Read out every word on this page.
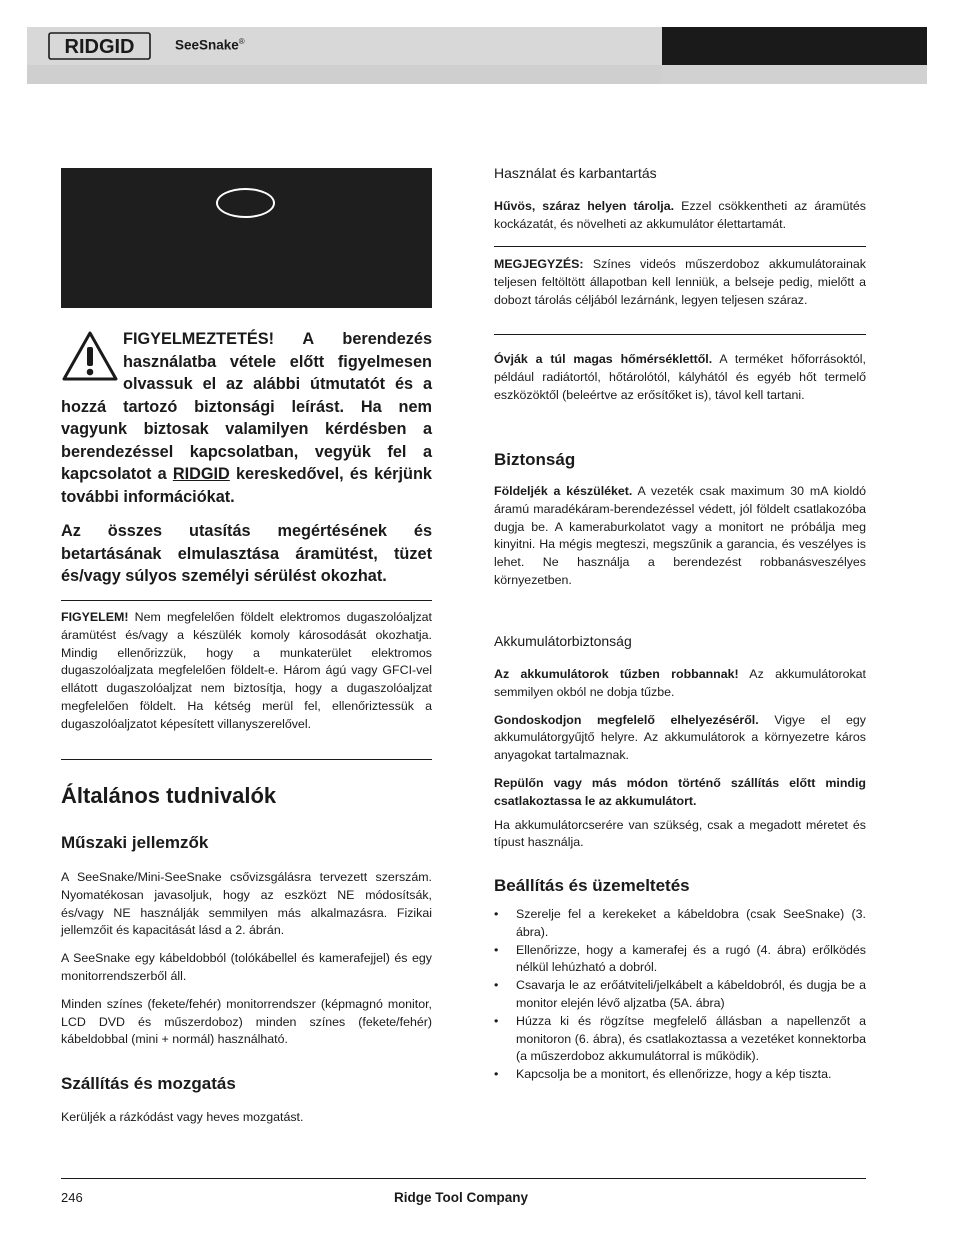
RIDGID	SeeSnake®
FIGYELMEZTETÉS! A berendezés használatba vétele előtt figyelmesen olvassuk el az alábbi útmutatót és a hozzá tartozó biztonsági leírást. Ha nem vagyunk biztosak valamilyen kérdésben a berendezéssel kapcsolatban, vegyük fel a kapcsolatot a RIDGID kereskedővel, és kérjünk további információkat.
Az összes utasítás megértésének és betartásának elmulasztása áramütést, tüzet és/vagy súlyos személyi sérülést okozhat.

FIGYELEM! Nem megfelelően földelt elektromos dugaszolóaljzat áramütést és/vagy a készülék komoly károsodását okozhatja. Mindig ellenőrizzük, hogy a munkaterület elektromos dugaszolóaljzata megfelelően földelt-e. Három ágú vagy GFCI-vel ellátott dugaszolóaljzat nem biztosítja, hogy a dugaszolóaljzat megfelelően földelt. Ha kétség merül fel, ellenőriztessük a dugaszolóaljzatot képesített villanyszerelővel.

Általános tudnivalók
Műszaki jellemzők

A SeeSnake/Mini-SeeSnake csővizsgálásra tervezett szerszám. Nyomatékosan javasoljuk, hogy az eszközt NE módosítsák, és/vagy NE használják semmilyen más alkalmazásra. Fizikai jellemzőit és kapacitását lásd a 2. ábrán.

A SeeSnake egy kábeldobból (tolókábellel és kamerafejjel) és egy monitorrendszerből áll.

Minden színes (fekete/fehér) monitorrendszer (képmagnó monitor, LCD DVD és műszerdoboz) minden színes (fekete/fehér) kábeldobbal (mini + normál) használható.

Szállítás és mozgatás

Kerüljék a rázkódást vagy heves mozgatást.

Használat és karbantartás

Hűvös, száraz helyen tárolja. Ezzel csökkentheti az áramütés kockázatát, és növelheti az akkumulátor élettartamát.

MEGJEGYZÉS: Színes videós műszerdoboz akkumulátorainak teljesen feltöltött állapotban kell lenniük, a belseje pedig, mielőtt a dobozt tárolás céljából lezárnánk, legyen teljesen száraz.

Óvják a túl magas hőmérséklettől. A terméket hőforrásoktól, például radiátortól, hőtárolótól, kályhától és egyéb hőt termelő eszközöktől (beleértve az erősítőket is), távol kell tartani.

Biztonság

Földeljék a készüléket. A vezeték csak maximum 30 mA kioldó áramú maradékáram-berendezéssel védett, jól földelt csatlakozóba dugja be. A kameraburkolatot vagy a monitort ne próbálja meg kinyitni. Ha mégis megteszi, megszűnik a garancia, és veszélyes is lehet. Ne használja a berendezést robbanásveszélyes környezetben.

Akkumulátorbiztonság

Az akkumulátorok tűzben robbannak! Az akkumulátorokat semmilyen okból ne dobja tűzbe.

Gondoskodjon megfelelő elhelyezéséről. Vigye el egy akkumulátorgyűjtő helyre. Az akkumulátorok a környezetre káros anyagokat tartalmaznak.

Repülőn vagy más módon történő szállítás előtt mindig csatlakoztassa le az akkumulátort.

Ha akkumulátorcserére van szükség, csak a megadott méretet és típust használja.

Beállítás és üzemeltetés
• Szerelje fel a kerekeket a kábeldobra (csak SeeSnake) (3. ábra).
• Ellenőrizze, hogy a kamerafej és a rugó (4. ábra) erőlködés nélkül lehúzható a dobról.
• Csavarja le az erőátviteli/jelkábelt a kábeldobról, és dugja be a monitor elején lévő aljzatba (5A. ábra)
• Húzza ki és rögzítse megfelelő állásban a napellenzőt a monitoron (6. ábra), és csatlakoztassa a vezetéket konnektorba (a műszerdoboz akkumulátorral is működik).
• Kapcsolja be a monitort, és ellenőrizze, hogy a kép tiszta.
246	Ridge Tool Company
